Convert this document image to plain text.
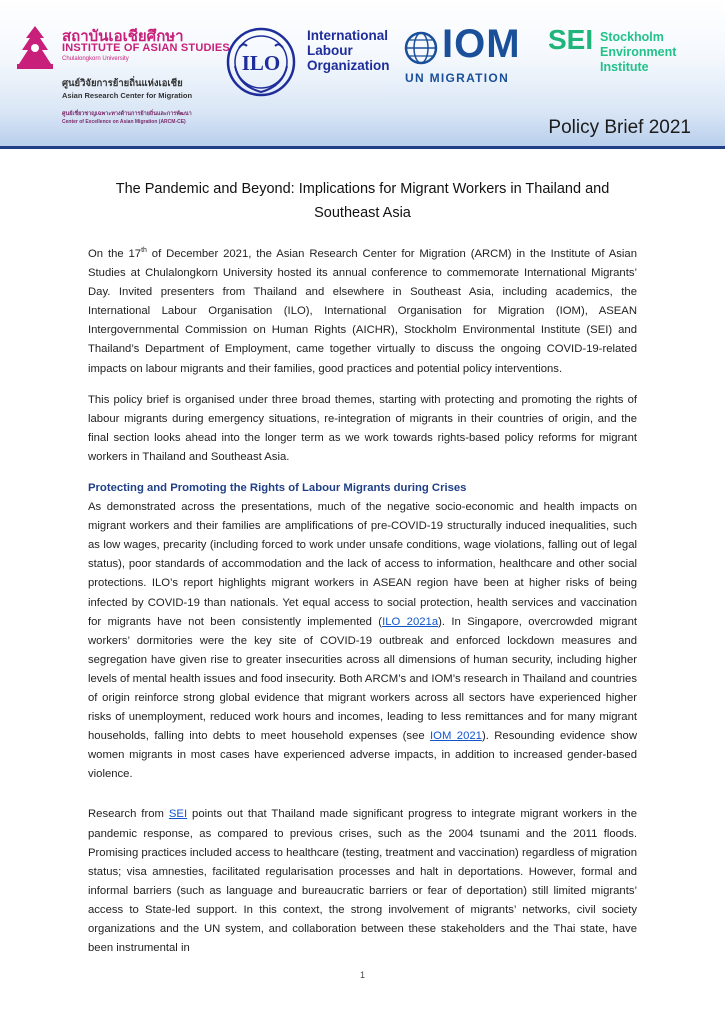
สถาบันเอเชียศึกษา
INSTITUTE OF ASIAN STUDIES
Chulalongkorn University
ศูนย์วิจัยการย้ายถิ่นแห่งเอเชีย
Asian Research Center for Migration
ศูนย์เชี่ยวชาญเฉพาะทางด้านการย้ายถิ่นและการพัฒนา
Center of Excellence on Asian Migration (ARCM-CE)
ILO
International
Labour
Organization IOM
UN MIGRATION
SEI Stockholm
Environment
Institute
Policy Brief 2021
The Pandemic and Beyond: Implications for Migrant Workers in Thailand and
Southeast Asia

On the 17th of December 2021, the Asian Research Center for Migration (ARCM) in the Institute of Asian Studies at Chulalongkorn University hosted its annual conference to commemorate International Migrants’ Day. Invited presenters from Thailand and elsewhere in Southeast Asia, including academics, the International Labour Organisation (ILO), International Organisation for Migration (IOM), ASEAN Intergovernmental Commission on Human Rights (AICHR), Stockholm Environmental Institute (SEI) and Thailand’s Department of Employment, came together virtually to discuss the ongoing COVID-19-related impacts on labour migrants and their families, good practices and potential policy interventions.

This policy brief is organised under three broad themes, starting with protecting and promoting the rights of labour migrants during emergency situations, re-integration of migrants in their countries of origin, and the final section looks ahead into the longer term as we work towards rights-based policy reforms for migrant workers in Thailand and Southeast Asia.

Protecting and Promoting the Rights of Labour Migrants during Crises

As demonstrated across the presentations, much of the negative socio-economic and health impacts on migrant workers and their families are amplifications of pre-COVID-19 structurally induced inequalities, such as low wages, precarity (including forced to work under unsafe conditions, wage violations, falling out of legal status), poor standards of accommodation and the lack of access to information, healthcare and other social protections. ILO’s report highlights migrant workers in ASEAN region have been at higher risks of being infected by COVID-19 than nationals. Yet equal access to social protection, health services and vaccination for migrants have not been consistently implemented (ILO 2021a). In Singapore, overcrowded migrant workers’ dormitories were the key site of COVID-19 outbreak and enforced lockdown measures and segregation have given rise to greater insecurities across all dimensions of human security, including higher levels of mental health issues and food insecurity. Both ARCM’s and IOM’s research in Thailand and countries of origin reinforce strong global evidence that migrant workers across all sectors have experienced higher risks of unemployment, reduced work hours and incomes, leading to less remittances and for many migrant households, falling into debts to meet household expenses (see IOM 2021). Resounding evidence show women migrants in most cases have experienced adverse impacts, in addition to increased gender-based violence.

Research from SEI points out that Thailand made significant progress to integrate migrant workers in the pandemic response, as compared to previous crises, such as the 2004 tsunami and the 2011 floods. Promising practices included access to healthcare (testing, treatment and vaccination) regardless of migration status; visa amnesties, facilitated regularisation processes and halt in deportations. However, formal and informal barriers (such as language and bureaucratic barriers or fear of deportation) still limited migrants’ access to State-led support. In this context, the strong involvement of migrants’ networks, civil society organizations and the UN system, and collaboration between these stakeholders and the Thai state, have been instrumental in

1
